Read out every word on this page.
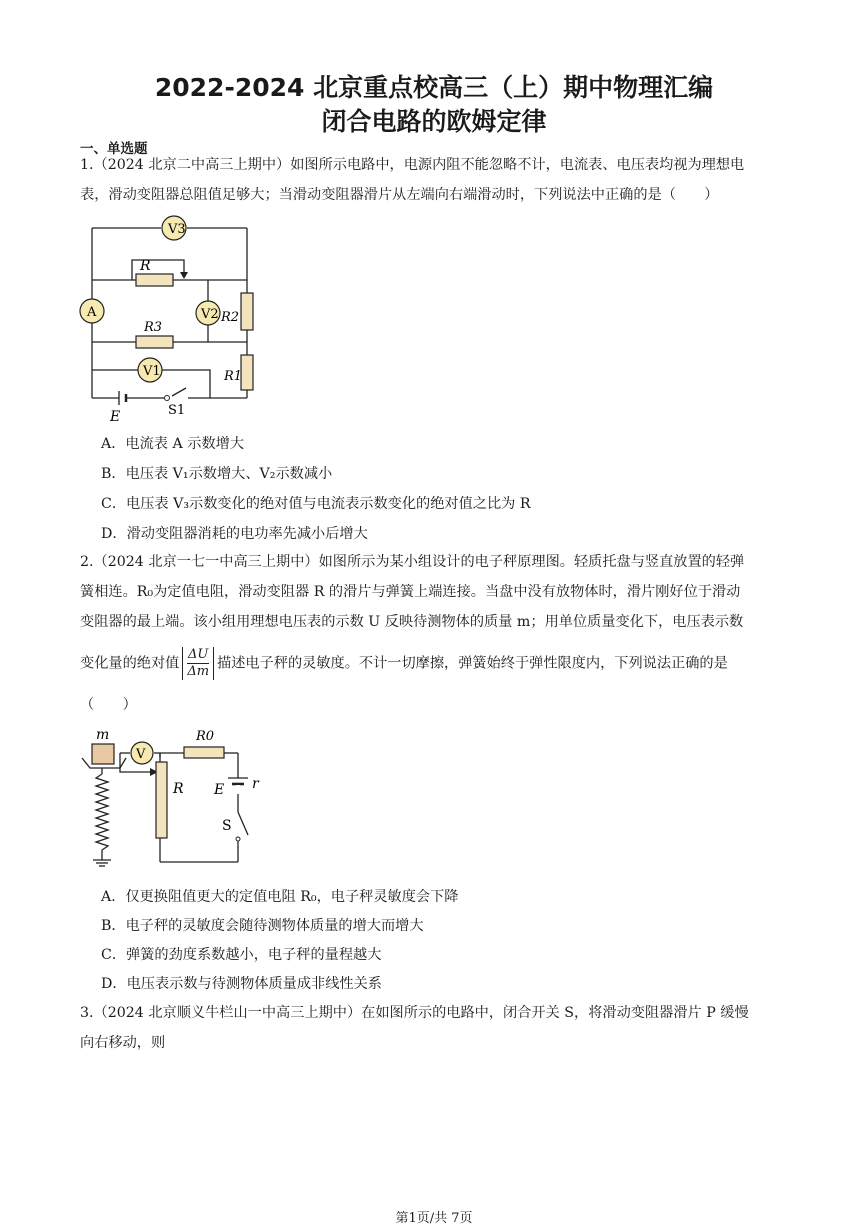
2022-2024 北京重点校高三（上）期中物理汇编
闭合电路的欧姆定律
一、单选题
1.（2024 北京二中高三上期中）如图所示电路中，电源内阻不能忽略不计，电流表、电压表均视为理想电
表，滑动变阻器总阻值足够大；当滑动变阻器滑片从左端向右端滑动时，下列说法中正确的是（　　）
V3
A	V2
V1
R
R2
R3
R1
E	S1
A．电流表 A 示数增大
B．电压表 V₁示数增大、V₂示数减小
C．电压表 V₃示数变化的绝对值与电流表示数变化的绝对值之比为 R
D．滑动变阻器消耗的电功率先减小后增大
2.（2024 北京一七一中高三上期中）如图所示为某小组设计的电子秤原理图。轻质托盘与竖直放置的轻弹
簧相连。R₀为定值电阻，滑动变阻器 R 的滑片与弹簧上端连接。当盘中没有放物体时，滑片刚好位于滑动
变阻器的最上端。该小组用理想电压表的示数 U 反映待测物体的质量 m；用单位质量变化下，电压表示数
变化量的绝对值 $\frac{\Delta U}{\Delta m}$ 描述电子秤的灵敏度。不计一切摩擦，弹簧始终于弹性限度内，下列说法正确的是
（　　）
V
m	R0
R E r
S
A．仅更换阻值更大的定值电阻 R₀，电子秤灵敏度会下降
B．电子秤的灵敏度会随待测物体质量的增大而增大
C．弹簧的劲度系数越小，电子秤的量程越大
D．电压表示数与待测物体质量成非线性关系
3.（2024 北京顺义牛栏山一中高三上期中）在如图所示的电路中，闭合开关 S，将滑动变阻器滑片 P 缓慢
向右移动，则
第1页/共 7页
